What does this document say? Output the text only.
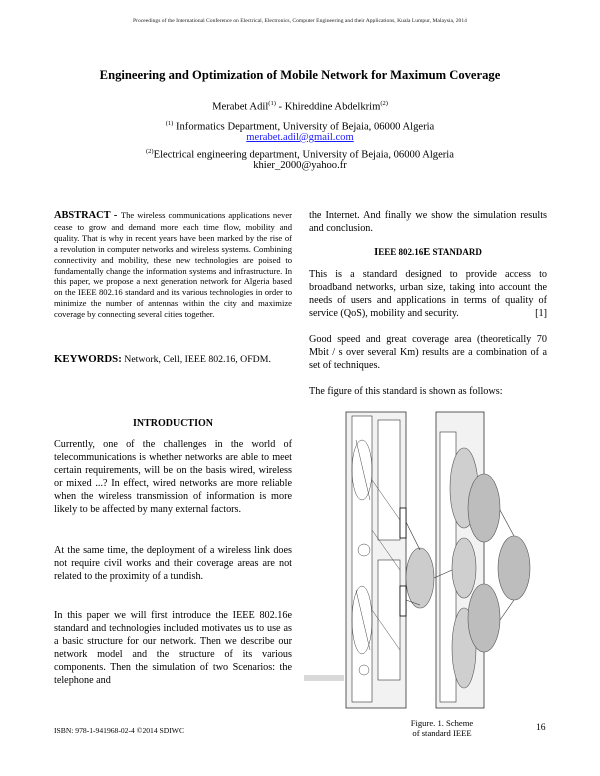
Proceedings of the International Conference on Electrical, Electronics, Computer Engineering and their Applications, Kuala Lumpur, Malaysia, 2014
Engineering and Optimization of Mobile Network for Maximum Coverage
Merabet Adil$^{(1)}$ - Khireddine Abdelkrim$^{(2)}$
$^{(1)}$ Informatics Department, University of Bejaia, 06000 Algeria
merabet.adil@gmail.com
$^{(2)}$Electrical engineering department, University of Bejaia, 06000 Algeria
khier_2000@yahoo.fr
ABSTRACT - The wireless communications applications never cease to grow and demand more each time flow, mobility and quality. That is why in recent years have been marked by the rise of a revolution in computer networks and wireless systems. Combining connectivity and mobility, these new technologies are poised to fundamentally change the information systems and infrastructure. In this paper, we propose a next generation network for Algeria based on the IEEE 802.16 standard and its various technologies in order to minimize the number of antennas within the city and maximize coverage by connecting several cities together.
KEYWORDS: Network, Cell, IEEE 802.16, OFDM.
INTRODUCTION
Currently, one of the challenges in the world of telecommunications is whether networks are able to meet certain requirements, will be on the basis wired, wireless or mixed ...? In effect, wired networks are more reliable when the wireless transmission of information is more likely to be affected by many external factors.
At the same time, the deployment of a wireless link does not require civil works and their coverage areas are not related to the proximity of a tundish.
In this paper we will first introduce the IEEE 802.16e standard and technologies included motivates us to use as a basic structure for our network. Then we describe our network model and the structure of its various components. Then the simulation of two Scenarios: the telephone and
the Internet. And finally we show the simulation results and conclusion.
IEEE 802.16E STANDARD
This is a standard designed to provide access to broadband networks, urban size, taking into account the needs of users and applications in terms of quality of service (QoS), mobility and security.	[1]
Good speed and great coverage area (theoretically 70 Mbit / s over several Km) results are a combination of a set of techniques.
The figure of this standard is shown as follows:
ISBN: 978-1-941968-02-4 ©2014 SDIWC
Figure. 1. Scheme
of standard IEEE	16
